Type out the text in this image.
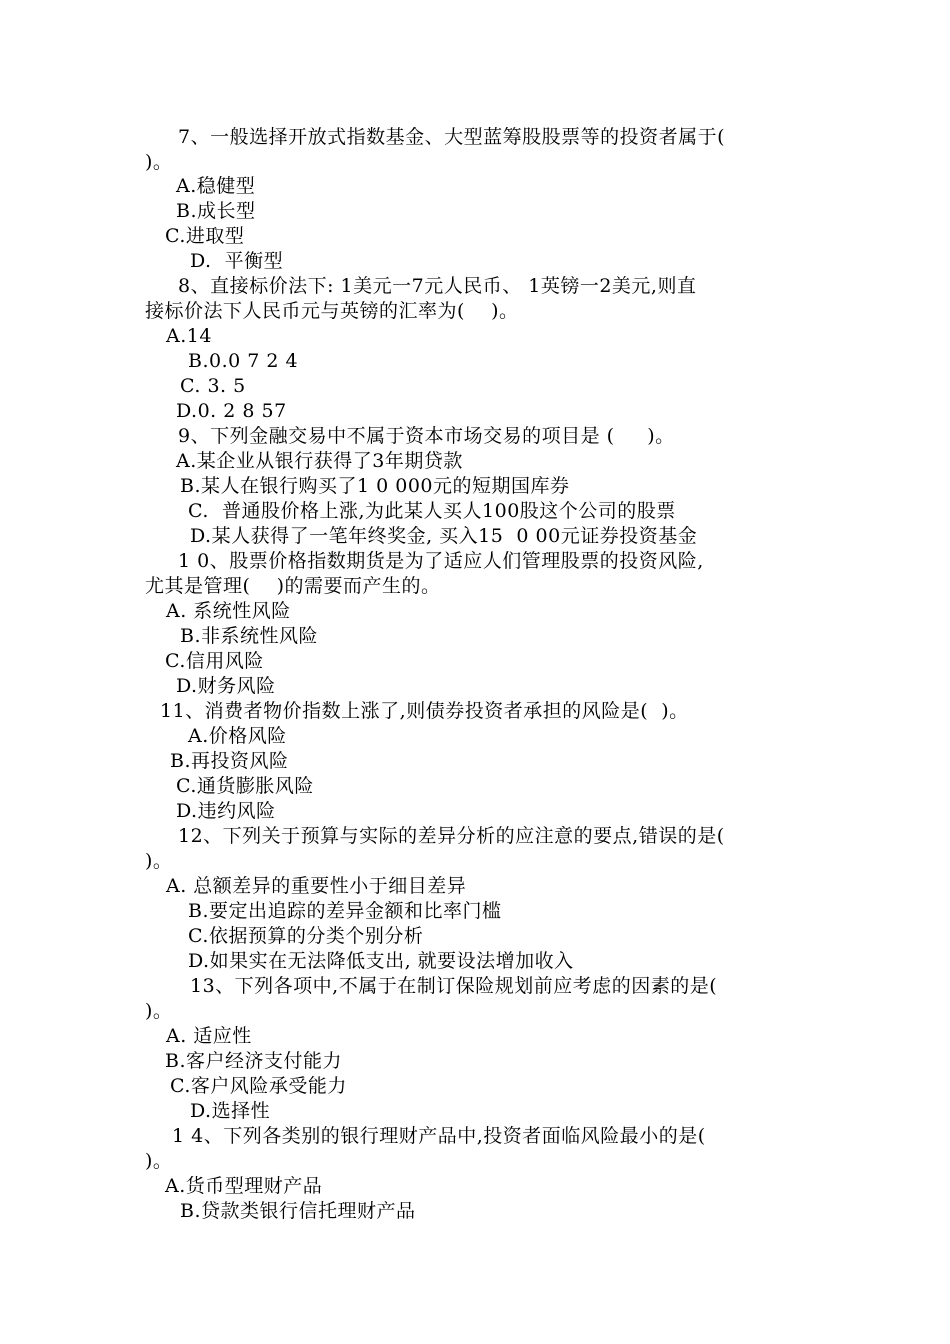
7、一般选择开放式指数基金、大型蓝筹股股票等的投资者属于(
)。
A.稳健型
B.成长型
C.进取型
D.  平衡型
8、直接标价法下: 1美元一7元人民币、 1英镑一2美元,则直
接标价法下人民币元与英镑的汇率为(    )。
A.14
B.0.0 7 2 4
C. 3. 5
D.0. 2 8 57
9、下列金融交易中不属于资本市场交易的项目是 (     )。
A.某企业从银行获得了3年期贷款
B.某人在银行购买了1 0 000元的短期国库券
C.  普通股价格上涨,为此某人买人100股这个公司的股票
D.某人获得了一笔年终奖金, 买入15  0 00元证券投资基金
1 0、股票价格指数期货是为了适应人们管理股票的投资风险,
尤其是管理(    )的需要而产生的。
A. 系统性风险
B.非系统性风险
C.信用风险
D.财务风险
11、消费者物价指数上涨了,则债券投资者承担的风险是(  )。
A.价格风险
B.再投资风险
C.通货膨胀风险
D.违约风险
12、下列关于预算与实际的差异分析的应注意的要点,错误的是(
)。
A. 总额差异的重要性小于细目差异
B.要定出追踪的差异金额和比率门槛
C.依据预算的分类个别分析
D.如果实在无法降低支出, 就要设法增加收入
13、下列各项中,不属于在制订保险规划前应考虑的因素的是(
)。
A. 适应性
B.客户经济支付能力
C.客户风险承受能力
D.选择性
1 4、下列各类别的银行理财产品中,投资者面临风险最小的是(
)。
A.货币型理财产品
B.贷款类银行信托理财产品
